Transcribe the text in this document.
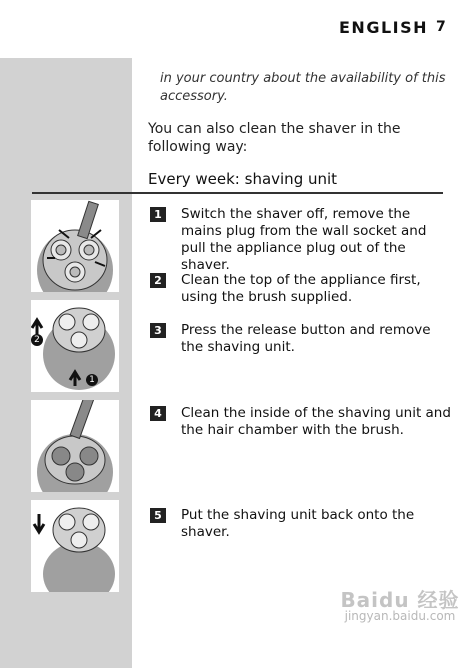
ENGLISH 7
in your country about the availability of this accessory.
You can also clean the shaver in the following way:
Every week: shaving unit
2
1
1	Switch the shaver off, remove the mains plug from the wall socket and pull the appliance plug out of the shaver.
2	Clean the top of the appliance first, using the brush supplied.
3	Press the release button and remove the shaving unit.
4	Clean the inside of the shaving unit and the hair chamber with the brush.
5	Put the shaving unit back onto the shaver.
Baidu 经验
jingyan.baidu.com
